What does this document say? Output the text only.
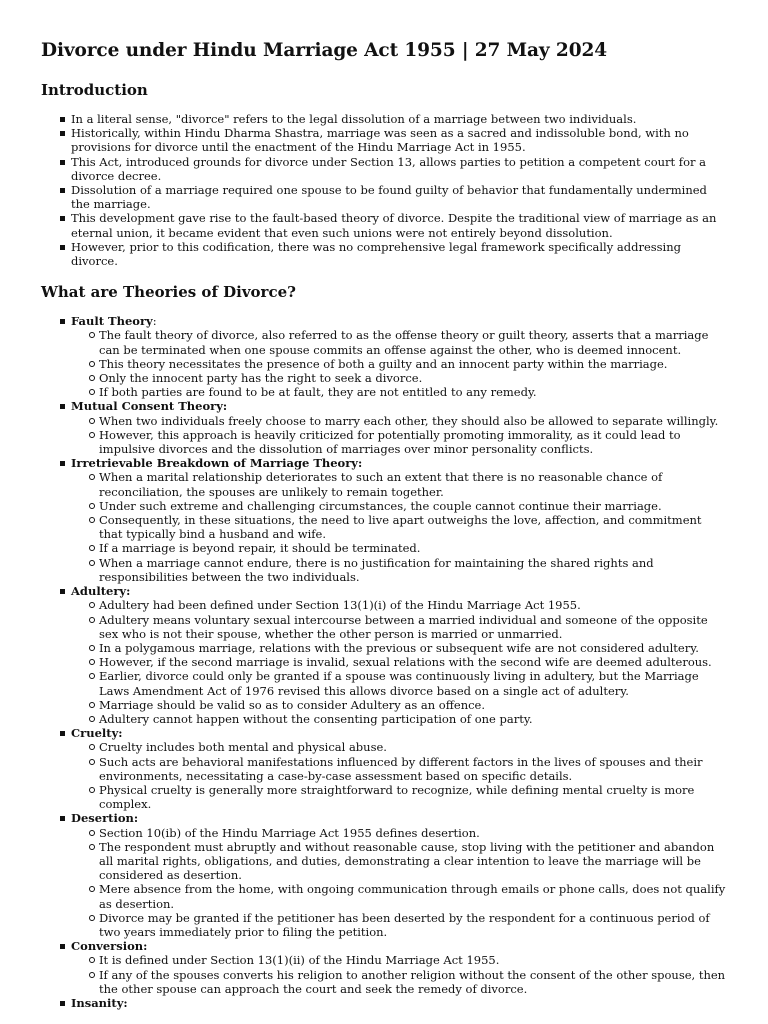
Divorce under Hindu Marriage Act 1955 | 27 May 2024
Introduction
In a literal sense, "divorce" refers to the legal dissolution of a marriage between two individuals.
Historically, within Hindu Dharma Shastra, marriage was seen as a sacred and indissoluble bond, with no provisions for divorce until the enactment of the Hindu Marriage Act in 1955.
This Act, introduced grounds for divorce under Section 13, allows parties to petition a competent court for a divorce decree.
Dissolution of a marriage required one spouse to be found guilty of behavior that fundamentally undermined the marriage.
This development gave rise to the fault-based theory of divorce. Despite the traditional view of marriage as an eternal union, it became evident that even such unions were not entirely beyond dissolution.
However, prior to this codification, there was no comprehensive legal framework specifically addressing divorce.
What are Theories of Divorce?
Fault Theory:
The fault theory of divorce, also referred to as the offense theory or guilt theory, asserts that a marriage can be terminated when one spouse commits an offense against the other, who is deemed innocent.
This theory necessitates the presence of both a guilty and an innocent party within the marriage.
Only the innocent party has the right to seek a divorce.
If both parties are found to be at fault, they are not entitled to any remedy.
Mutual Consent Theory:
When two individuals freely choose to marry each other, they should also be allowed to separate willingly.
However, this approach is heavily criticized for potentially promoting immorality, as it could lead to impulsive divorces and the dissolution of marriages over minor personality conflicts.
Irretrievable Breakdown of Marriage Theory:
When a marital relationship deteriorates to such an extent that there is no reasonable chance of reconciliation, the spouses are unlikely to remain together.
Under such extreme and challenging circumstances, the couple cannot continue their marriage.
Consequently, in these situations, the need to live apart outweighs the love, affection, and commitment that typically bind a husband and wife.
If a marriage is beyond repair, it should be terminated.
When a marriage cannot endure, there is no justification for maintaining the shared rights and responsibilities between the two individuals.
Adultery:
Adultery had been defined under Section 13(1)(i) of the Hindu Marriage Act 1955.
Adultery means voluntary sexual intercourse between a married individual and someone of the opposite sex who is not their spouse, whether the other person is married or unmarried.
In a polygamous marriage, relations with the previous or subsequent wife are not considered adultery.
However, if the second marriage is invalid, sexual relations with the second wife are deemed adulterous.
Earlier, divorce could only be granted if a spouse was continuously living in adultery, but the Marriage Laws Amendment Act of 1976 revised this allows divorce based on a single act of adultery.
Marriage should be valid so as to consider Adultery as an offence.
Adultery cannot happen without the consenting participation of one party.
Cruelty:
Cruelty includes both mental and physical abuse.
Such acts are behavioral manifestations influenced by different factors in the lives of spouses and their environments, necessitating a case-by-case assessment based on specific details.
Physical cruelty is generally more straightforward to recognize, while defining mental cruelty is more complex.
Desertion:
Section 10(ib) of the Hindu Marriage Act 1955 defines desertion.
The respondent must abruptly and without reasonable cause, stop living with the petitioner and abandon all marital rights, obligations, and duties, demonstrating a clear intention to leave the marriage will be considered as desertion.
Mere absence from the home, with ongoing communication through emails or phone calls, does not qualify as desertion.
Divorce may be granted if the petitioner has been deserted by the respondent for a continuous period of two years immediately prior to filing the petition.
Conversion:
It is defined under Section 13(1)(ii) of the Hindu Marriage Act 1955.
If any of the spouses converts his religion to another religion without the consent of the other spouse, then the other spouse can approach the court and seek the remedy of divorce.
Insanity:
